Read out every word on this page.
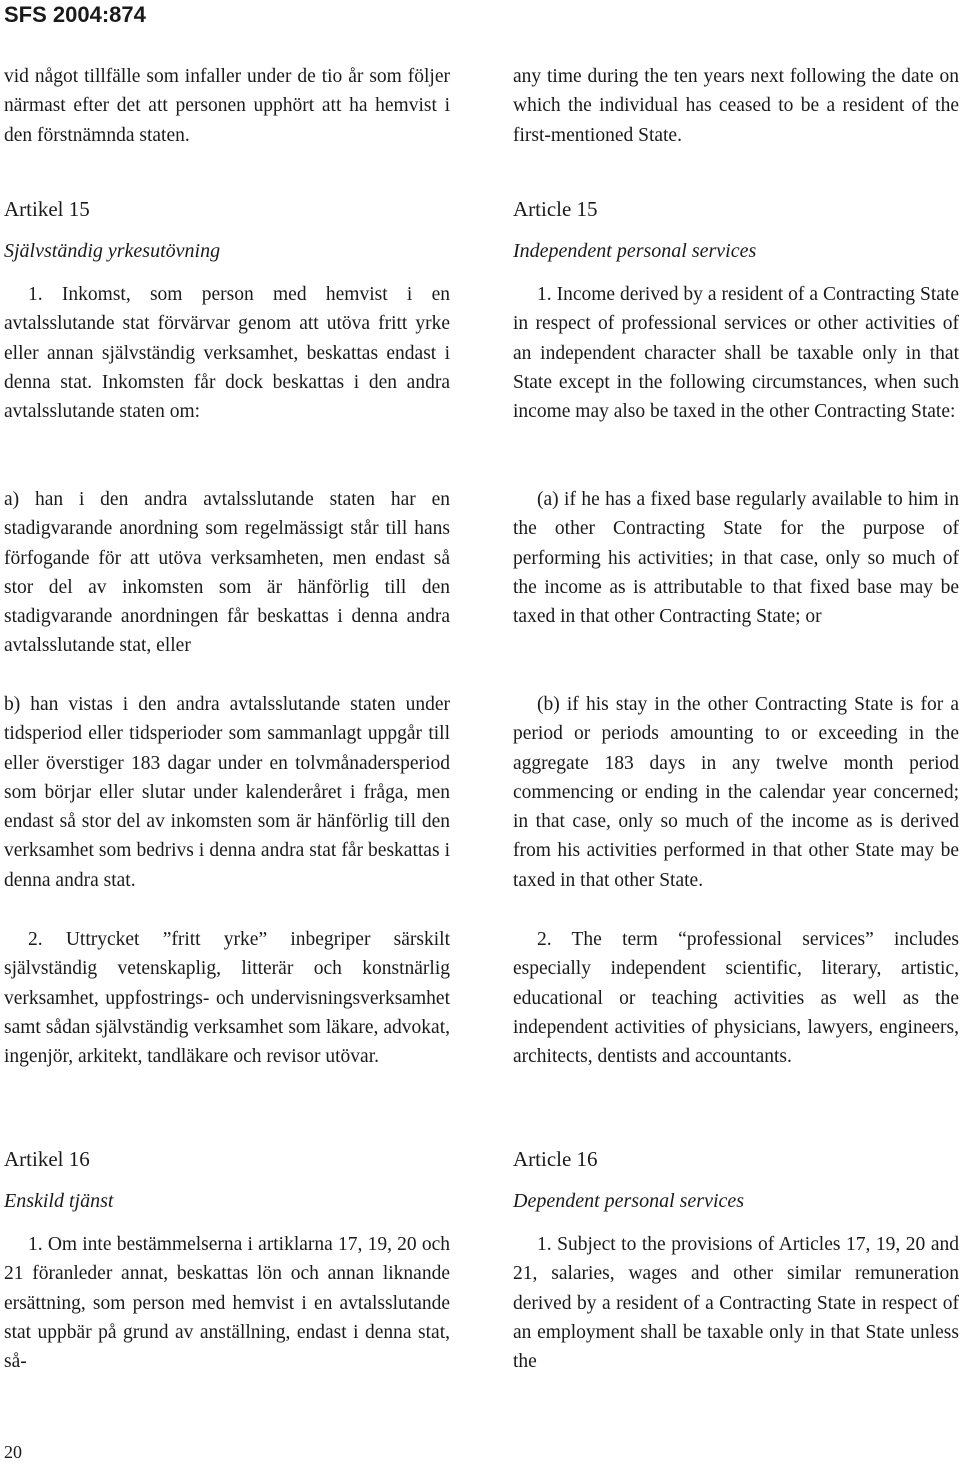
SFS 2004:874

vid något tillfälle som infaller under de tio år som följer närmast efter det att personen upphört att ha hemvist i den förstnämnda staten.

Artikel 15
Självständig yrkesutövning
1. Inkomst, som person med hemvist i en avtalsslutande stat förvärvar genom att utöva fritt yrke eller annan självständig verksamhet, beskattas endast i denna stat. Inkomsten får dock beskattas i den andra avtalsslutande staten om:
a) han i den andra avtalsslutande staten har en stadigvarande anordning som regelmässigt står till hans förfogande för att utöva verksamheten, men endast så stor del av inkomsten som är hänförlig till den stadigvarande anordningen får beskattas i denna andra avtalsslutande stat, eller
b) han vistas i den andra avtalsslutande staten under tidsperiod eller tidsperioder som sammanlagt uppgår till eller överstiger 183 dagar under en tolvmånadersperiod som börjar eller slutar under kalenderåret i fråga, men endast så stor del av inkomsten som är hänförlig till den verksamhet som bedrivs i denna andra stat får beskattas i denna andra stat.
2. Uttrycket ”fritt yrke” inbegriper särskilt självständig vetenskaplig, litterär och konstnärlig verksamhet, uppfostrings- och undervisningsverksamhet samt sådan självständig verksamhet som läkare, advokat, ingenjör, arkitekt, tandläkare och revisor utövar.
Artikel 16
Enskild tjänst
1. Om inte bestämmelserna i artiklarna 17, 19, 20 och 21 föranleder annat, beskattas lön och annan liknande ersättning, som person med hemvist i en avtalsslutande stat uppbär på grund av anställning, endast i denna stat, så-

any time during the ten years next following the date on which the individual has ceased to be a resident of the first-mentioned State.

Article 15
Independent personal services
1. Income derived by a resident of a Contracting State in respect of professional services or other activities of an independent character shall be taxable only in that State except in the following circumstances, when such income may also be taxed in the other Contracting State:
(a) if he has a fixed base regularly available to him in the other Contracting State for the purpose of performing his activities; in that case, only so much of the income as is attributable to that fixed base may be taxed in that other Contracting State; or
(b) if his stay in the other Contracting State is for a period or periods amounting to or exceeding in the aggregate 183 days in any twelve month period commencing or ending in the calendar year concerned; in that case, only so much of the income as is derived from his activities performed in that other State may be taxed in that other State.
2. The term “professional services” includes especially independent scientific, literary, artistic, educational or teaching activities as well as the independent activities of physicians, lawyers, engineers, architects, dentists and accountants.
Article 16
Dependent personal services
1. Subject to the provisions of Articles 17, 19, 20 and 21, salaries, wages and other similar remuneration derived by a resident of a Contracting State in respect of an employment shall be taxable only in that State unless the
20
